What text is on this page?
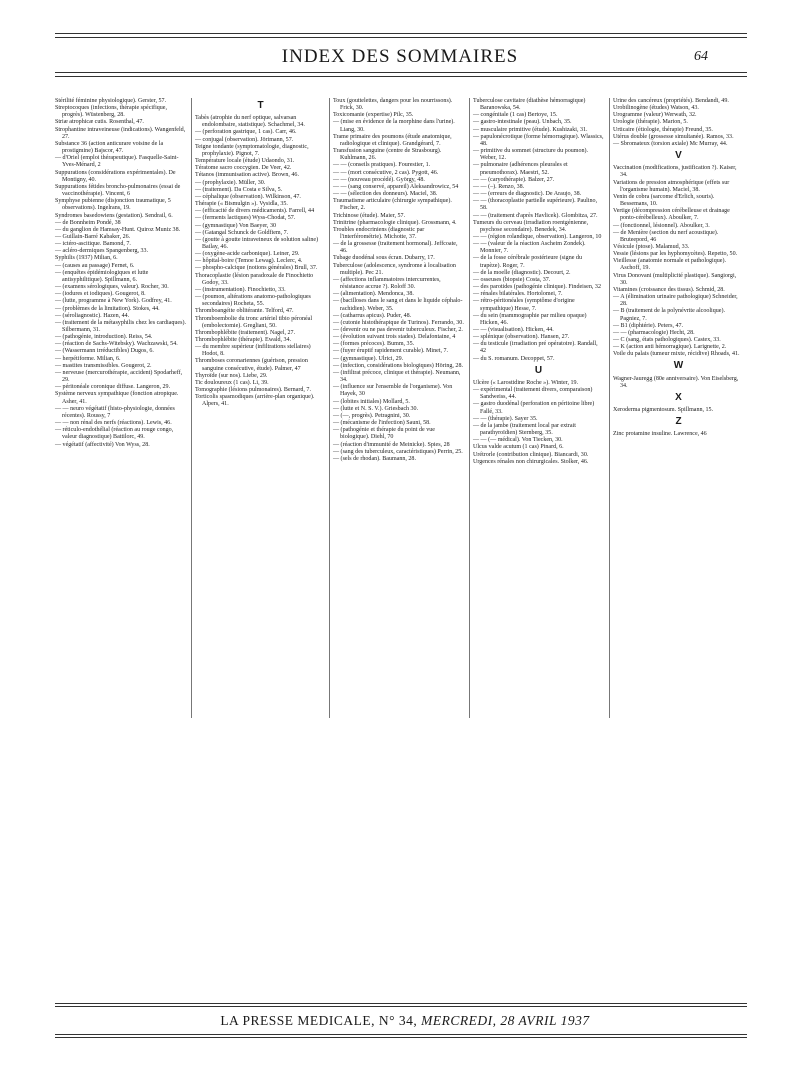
INDEX DES SOMMAIRES	64

Stérilité féminine physiologique). Gerster, 57.

Streptocoques (infections, thérapie spécifique, progrès). Wüstenberg, 28.

Striæ atrophicæ cutis. Rosenthal, 47.

Strophantine intraveineuse (indications). Wangenfeld, 27.

Substance 36 (action anticurare voisine de la prostigmine) Bajscor, 47.

— d'Oriel (emploi thérapeutique). Fasquelle-Saint-Yves-Ménard, 2

Suppurations (considérations expérimentales). De Montigny, 40.

Suppurations fétides broncho-pulmonaires (essai de vaccinothérapie). Vincent, 6

Symphyse pubienne (disjonction traumatique, 5 observations). Ingelrans, 19.

Syndromes basedowiens (gestation). Sendrail, 6.

— de Bonnheim Pondé, 38

— du ganglion de Hamsay-Hunt. Quiroz Muniz 38.

— Guillain-Barré Kabaker, 26.

— ictéro-ascitique. Bamond, 7.

— acléro-dermiques Spangenberg, 33.

Syphilis (1937) Milian, 6.

— (causes au passage) Fernet, 6.

— (enquêtes épidémiologiques et lutte antisyphilitique). Spillmann, 6.

— (examens sérologiques, valeur). Rocher, 30.

— (iodures et iodiques). Gougerot, 8.

— (lutte, programme à New York). Godfrey, 41.

— (problèmes de la limitation). Stokes, 44.

— (séroliagnostic). Hazen, 44.

— (traitement de la métasyphilis chez les cardiaques). Silbermann, 31.

— (pathogénie, introduction). Reiss, 54.

— (réaction de Sachs-Witebsky). Wachzawski, 54.

— (Wassermann irréductibles) Dugos, 6.

— herpétiforme. Milian, 6.

— mastites transmissibles. Gougerot, 2.

— nerveuse (mercurothérapie, accident) Spodarheff, 29.

— péritonéale coronique diffuse. Langeron, 29.

Système nerveux sympathique (fonction atropique. Asher, 41.

— — neuro végétatif (histo-physiologie, données récentes). Roussy, 7

— — non rénal des nerfs (réactions). Lewis, 46.

— réticulo-endothélial (réaction au rouge congo, valeur diagnostique) Battilorc, 49.

— végétatif (affectivité) Von Wyss, 28.

T

Tabès (atrophie du nerf optique, salvarsan endolombaire, statistique). Schachmel, 34.

— (perforation gastrique, 1 cas). Carr, 46.

— conjugal (observation). Jörimann, 57.

Teigne tondante (symptomatologie, diagnostic, prophylaxie). Pignot, 7.

Température locale (étude) Udaondo, 31.

Tératome sacro coccygien. De Veer, 42.

Tétanos (immunisation active). Brown, 46.

— (prophylaxie). Müller, 30.

— (traitement). Da Costa e Silva, 5.

— céphalique (observation). Wilkinson, 47.

Thérapie (« Bismulgin »). Vysidla, 35.

— (efficacité de divers médicaments). Farrell, 44

— (ferments lactiques) Wyss-Chodat, 57.

— (gymnastique) Von Baeyer, 30

— (Gatangal Schunck de Goldfiem, 7.

— (goutte à goutte intraveineux de solution saline) Bailay, 46.

— (oxygène-acide carbonique). Leiner, 29.

— hôpital-boire (Temoe Lewag). Leclerc, 4.

— phospho-calcique (notions générales) Brull, 37.

Thoracoplastie (lésion paradoxale de Finochietto Godoy, 33.

— (instrumentation). Finochietto, 33.

— (poumon, altérations anatomo-pathologiques secondaires) Rocheta, 55.

Thromboangéite oblitérante. Telford, 47.

Thromboembolie du tronc artériel tibio péronéal (embolectomie). Gregliani, 50.

Thrombophlébite (traitement). Nagel, 27.

Thrombophlébite (thérapie). Ewald, 34.

— du membre supérieur (infiltrations stellaires) Hodot, 8.

Thromboses coronariennes (guérison, pression sanguine consécutive, étude). Palmer, 47

Thyroïde (sur nos). Liebe, 29.

Tic douloureux (1 cas). Li, 39.

Tomographie (lésions pulmonaires). Bernard, 7.

Torticolis spasmodiques (arrière-plan organique). Alpers, 41.

Toux (gouttelettes, dangers pour les nourrissons). Frick, 30.

Toxicomanie (expertise) Pilc, 35.

— (mise en évidence de la morphine dans l'urine). Liang, 30.

Trame primaire des poumons (étude anatomique, radiologique et clinique). Grandgérard, 7.

Transfusion sanguine (centre de Strasbourg). Kuhlmann, 26.

— — (conseils pratiques). Fourestier, 1.

— — (mort consécutive, 2 cas). Pygott, 46.

— — (nouveau procédé). György, 48.

— — (sang conservé, appareil) Aleksandrowicz, 54

— — (sélection des donneurs). Maciel, 38.

Traumatisme articulaire (chirurgie sympathique). Fischer, 2.

Trichinose (étude). Maier, 57.

Trinitrine (pharmacologie clinique). Grossmann, 4.

Troubles endocriniens (diagnostic par l'interférométrie). Michotte, 37.

— de la grossesse (traitement hormonal). Jeffcoate, 46.

Tubage duodénal sous écran. Dubarry, 17.

Tuberculose (adolescence, syndrome à localisation multiple). Pec 21.

— (affections inflammatoires intercurrentes, résistance accrue ?). Roloff 30.

— (alimentation). Mendonca, 38.

— (bacilloses dans le sang et dans le liquide céphalo-rachidien). Weber, 35.

— (catharrus apicus). Puder, 48.

— (cutonie histothérapique de Turinos). Ferrando, 30.

— (devenir ou ne pas devenir tuberculeux. Fischer, 2.

— (évolution suivant trois stades). Delafontaine, 4

— (formes précoces). Bumm, 35.

— (fuyer éruptif rapidement curable). Minet, 7.

— (gymnastique). Ulrici, 29.

— (infection, considérations biologiques) Höring, 28.

— (infiltrat précoce, clinique et thérapie). Neumann, 34.

— (influence sur l'ensemble de l'organisme). Von Hayek, 30

— (lobites initiales) Mollard, 5.

— (lutte et N. S. V.). Griesbach 30.

— (—, progrès). Petragnini, 30.

— (mécanisme de l'infection) Sauni, 58.

— (pathogénie et thérapie du point de vue biologique). Diehl, 70

— (réaction d'immunité de Meinicke). Spies, 28

— (sang des tuberculeux, caractéristiques) Perrin, 25.

— (sels de rhodan). Baumann, 28.

Tuberculose cavitaire (diathèse hémorragique) Baranowska, 54.

— congénitale (1 cas) Bertoye, 15.

— gastro-intestinale (peau). Unbach, 35.

— musculaire primitive (étude). Kushizaki, 31.

— papulonécrotique (forme hémorragique). Wlassics, 48.

— primitive du sommet (structure du poumon). Weber, 12.

— pulmonaire (adhérences pleurales et pneumothorax). Maestri, 52.

— — (caryothérapie). Balzer, 27.

— — (–). Renzo, 38.

— — (erreurs de diagnostic). De Araujo, 38.

— — (thoracoplastie partielle supérieure). Paulino, 58.

— — (traitement d'après Havlicek). Glombitza, 27.

Tumeurs du cerveau (irradiation roentgénienne, psychose secondaire). Benedek, 34.

— — (région rolandique, observation). Langeron, 10

— — (valeur de la réaction Ascheim Zondek). Monnier, 7.

— de la fosse cérébrale postérieure (signe du trapèze). Roger, 7.

— de la moelle (diagnostic). Decourt, 2.

— osseuses (biopsie) Costa, 37.

— des parotides (pathogénie clinique). Findeisen, 32

— rénales bilatérales. Hortolomei, 7.

— rétro-péritonéales (symptôme d'origine sympathique) Hesse, 7.

— du sein (mammographie par milieu opaque) Hicken, 46.

— — (visualisation). Hicken, 44.

— splénique (observation). Hansen, 27.

— du testicule (irradiation pré opératoire). Randall, 42

— du S. romanum. Decoppet, 57.

U

Ulcère (« Larostidine Roche »). Winter, 19.

— expérimental (traitement divers, comparaison) Sandweiss, 44.

— gastro duodénal (perforation en péritoine libre) Fallé, 33.

— — (thérapie). Sayer 35.

— de la jambe (traitement local par extrait parathyroïdien) Sternberg, 35.

— — (— médical). Von Tiecken, 30.

Ulcus valde acutum (1 cas) Pinard, 6.

Urétrorle (contribution clinique). Biancardi, 30.

Urgences rénales non chirurgicales. Stolker, 46.

Urine des cancéreux (propriétés). Bendandi, 49.

Urobilinogène (études) Watson, 43.

Urogramme (valeur) Werwath, 32.

Urologie (thérapie). Marion, 5.

Urticaire (étiologie, thérapie) Freund, 35.

Utérus double (grossesse simultanée). Ramos, 33.

— Sbromateux (torsion axiale) Mc Murray, 44.

V

Vaccination (modifications, justification ?). Kaiser, 34.

Variations de pression atmosphérique (effets sur l'organisme humain). Maciel, 38.

Venin de cobra (sarcome d'Erlich, souris). Bessemans, 10.

Vertige (décompression cérébelleuse et drainage ponto-cérébelleux). Aboulker, 7.

— (fonctionnel, lésionnel). Aboulker, 3.

— de Menière (section du nerf acoustique). Bruteepord, 46

Vésicule (ptose). Malamud, 33.

Vessie (lésions par les hyphomycètes). Repetto, 50.

Vieillesse (anatomie normale et pathologique). Aschoff, 19.

Virus Donovani (multiplicité plastique). Sangiorgi, 30.

Vitamines (croissance des tissus). Schmid, 28.

— A (élimination urinaire pathologique) Schneider, 28.

— B (traitement de la polynévrite alcoolique). Pagniez, 7.

— B1 (diphtérie). Peters, 47.

— — (pharmacologie) Hecht, 28.

— C (sang, états pathologiques). Castex, 33.

— K (action anti hémorragique). Larignette, 2.

Voile du palais (tumeur mixte, récidive) Rhoads, 41.

W

Wagner-Jauregg (80e anniversaire). Von Eiselsberg, 34.

X

Xeroderma pigmentosum. Spillmann, 15.

Z

Zinc protamine insuline. Lawrence, 46

LA PRESSE MEDICALE, N° 34, MERCREDI, 28 AVRIL 1937
